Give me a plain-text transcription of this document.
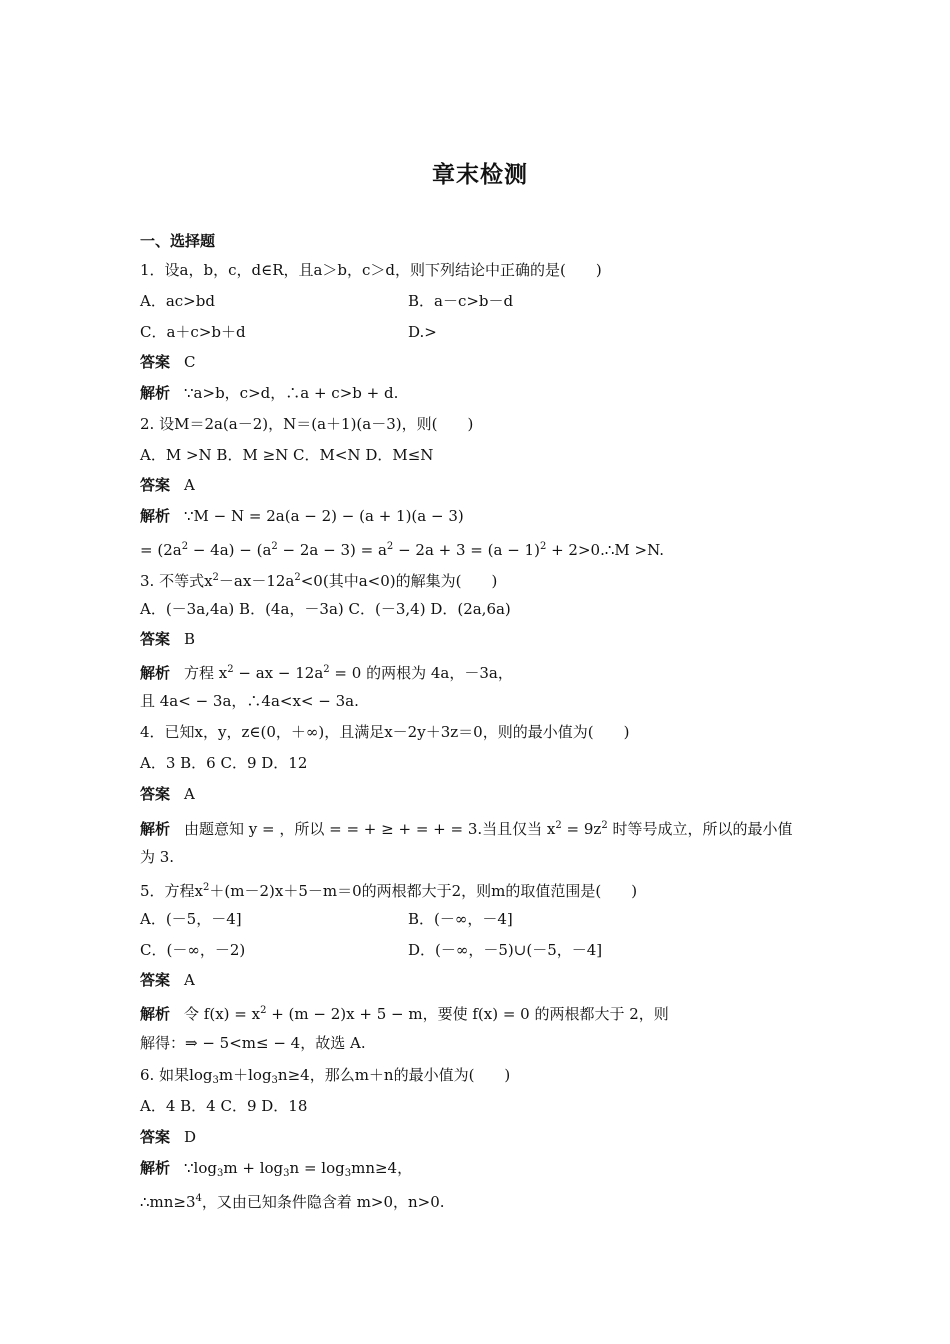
章末检测
一、选择题
1．设a，b，c，d∈R，且a＞b，c＞d，则下列结论中正确的是(　　)
A．ac>bd	B．a－c>b－d
C．a＋c>b＋d	D.>
答案 C
解析 ∵a>b，c>d，∴a + c>b + d.
2. 设M＝2a(a－2)，N＝(a＋1)(a－3)，则(　　)
A．M >N B．M ≥N C．M<N D．M≤N
答案 A
解析 ∵M − N = 2a(a − 2) − (a + 1)(a − 3)
= $(2a^2 - 4a) - (a^2 - 2a - 3) = a^2 - 2a + 3 = (a - 1)^2$ + 2>0.∴M >N.
3. 不等式$x^2-ax-12a^2<0$(其中a<0)的解集为(　　)
A．(－3a,4a) B．(4a，－3a) C．(－3,4) D．(2a,6a)
答案 B
解析 方程 $x^2$ − ax − $12a^2 = 0$ 的两根为 4a，－3a，
且 4a< − 3a，∴4a<x< − 3a.
4．已知x，y，z∈(0，＋∞)，且满足x－2y＋3z＝0，则的最小值为(　　)
A．3 B．6 C．9 D．12
答案 A
解析 由题意知 y = ，所以 = = + ≥ + = + = 3.当且仅当 $x^2 = 9z^2$ 时等号成立，所以的最小值
为 3.
5．方程$x^2+(m-2)x+5-m=0$的两根都大于2，则m的取值范围是(　　)
A．(－5，－4]	B．(－∞，－4]
C．(－∞，－2)	D．(－∞，－5)∪(－5，－4]
答案 A
解析 令 $f(x) = x^2 + (m - 2)x + 5 - m$，要使 f(x) = 0 的两根都大于 2，则
解得：⇒ − 5<m≤ − 4，故选 A.
6. 如果$\log_3m+\log_3n\ge 4$，那么m＋n的最小值为(　　)
A．4 B．4 C．9 D．18
答案 D
解析 $\because\log_3m + \log_3n = \log_3mn\ge 4$，
$\therefore mn\ge 3^4$，又由已知条件隐含着 m>0，n>0.
